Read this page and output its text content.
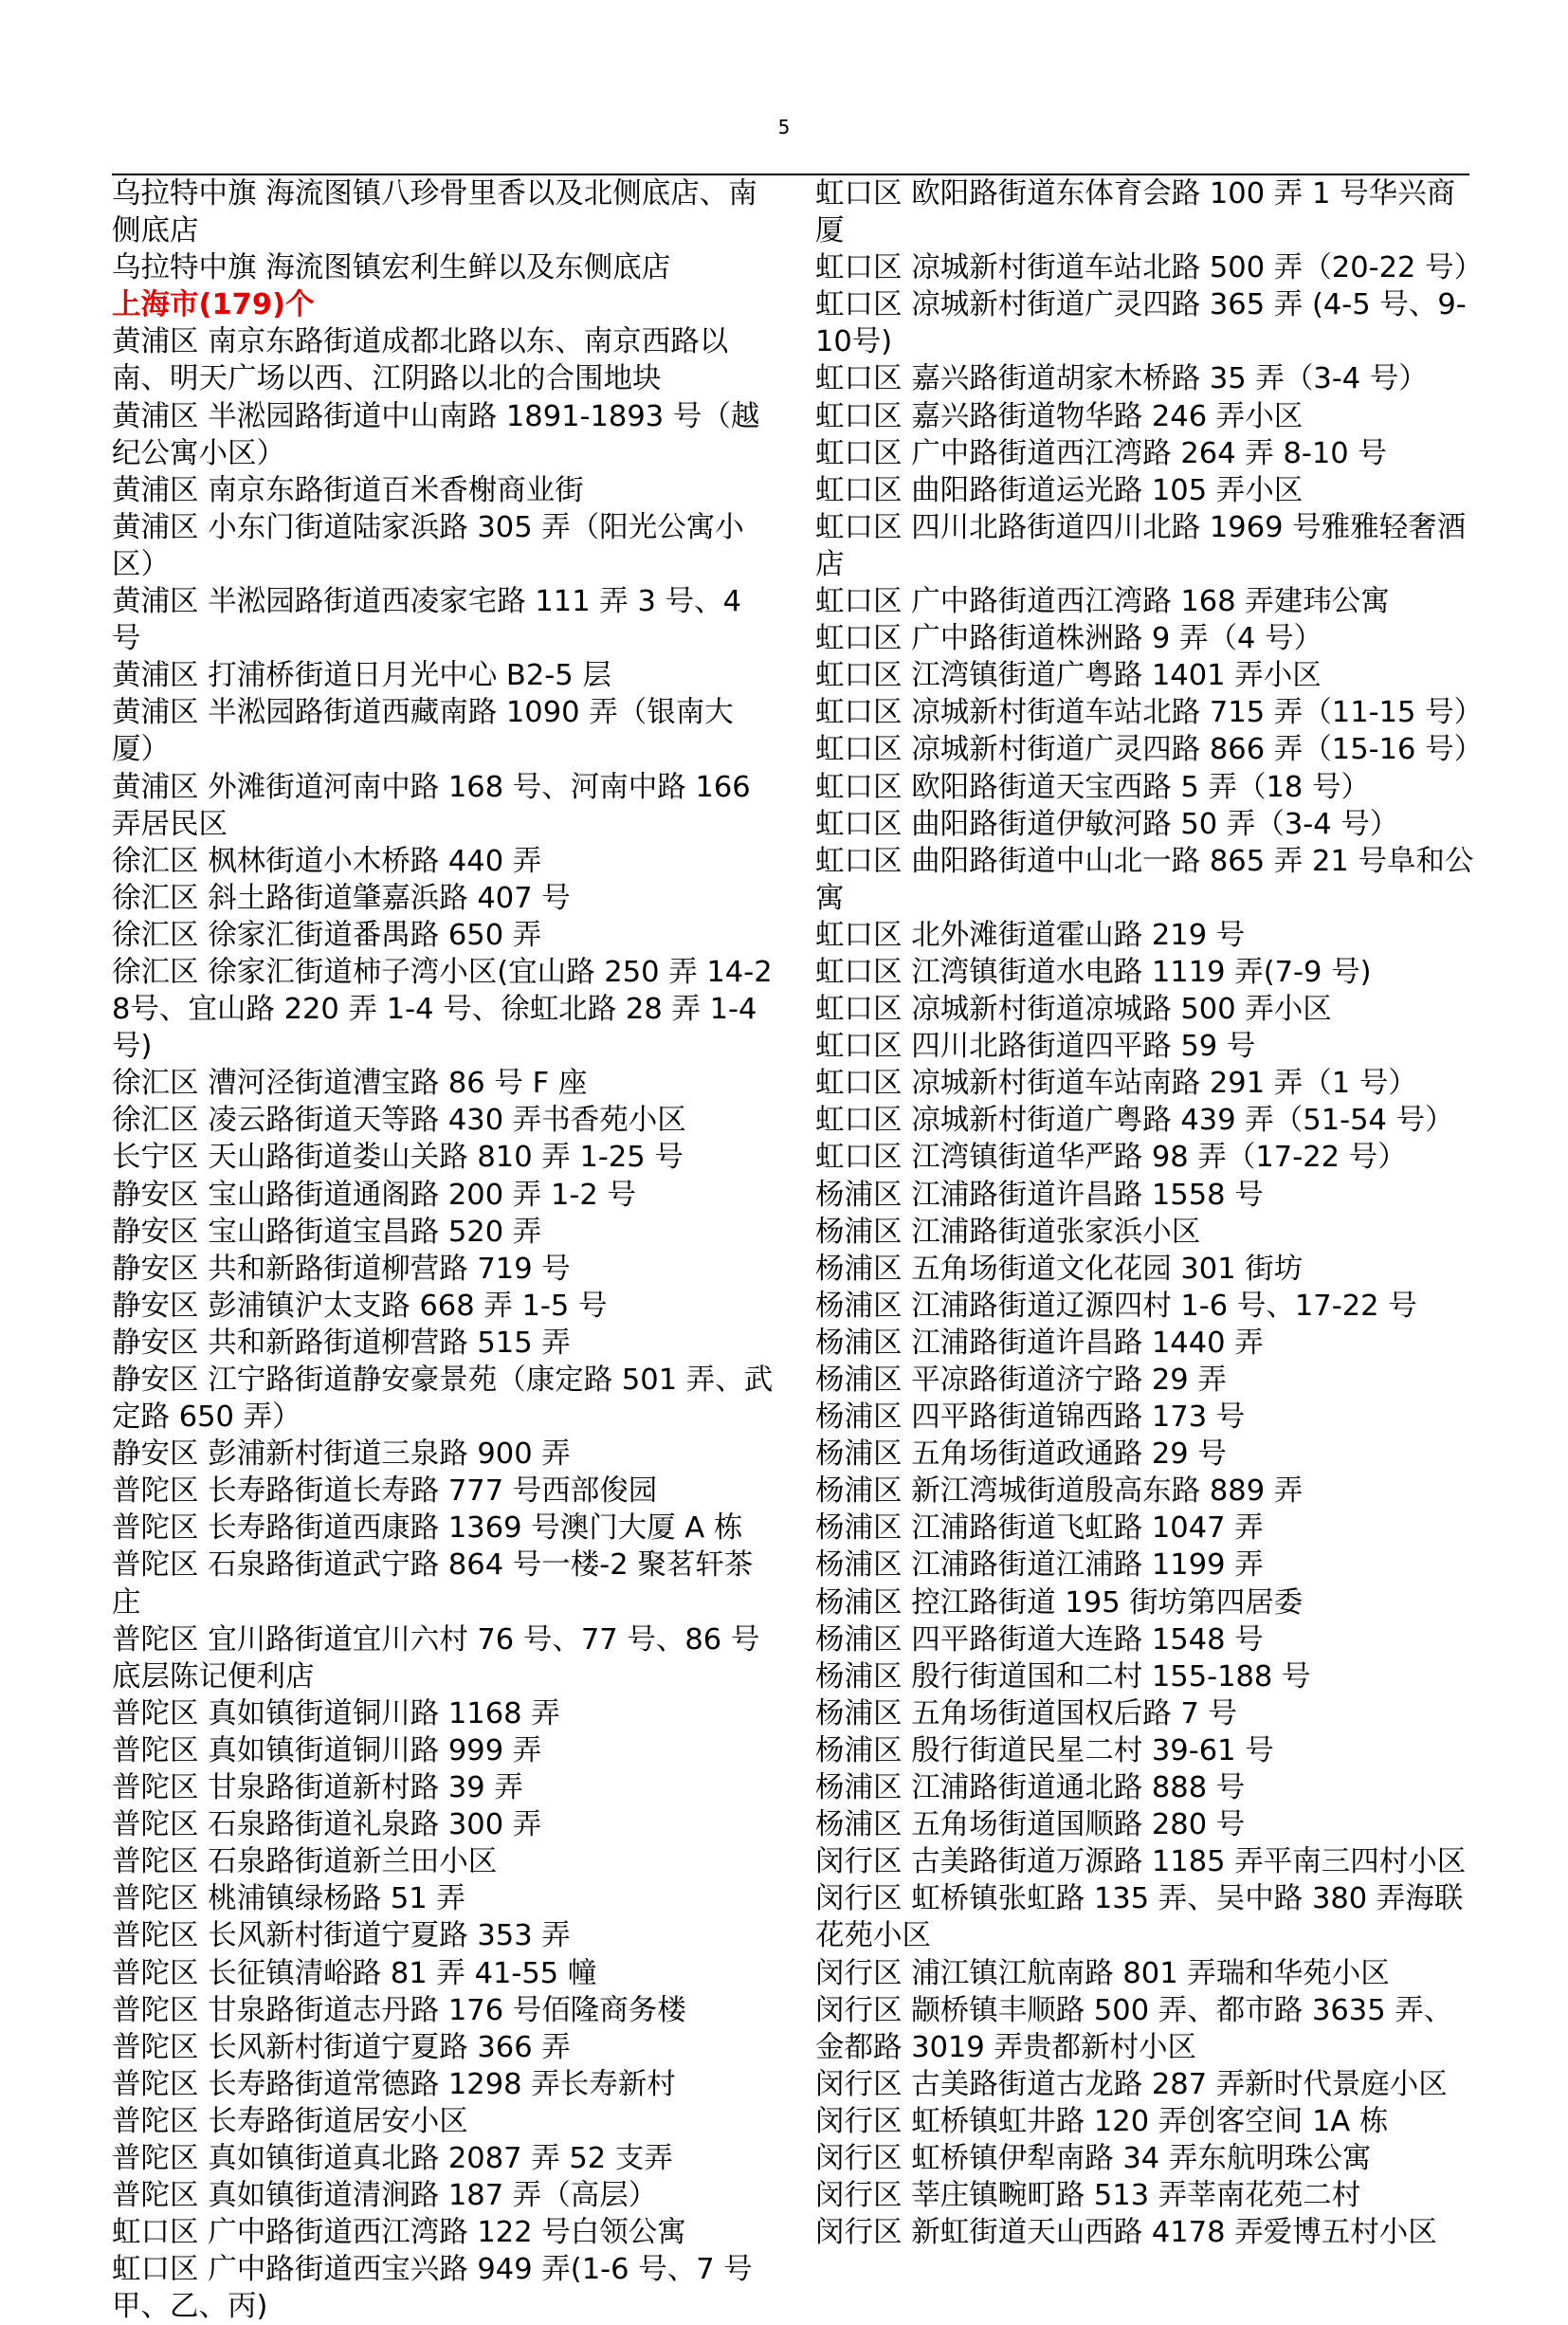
5

乌拉特中旗 海流图镇八珍骨里香以及北侧底店、南侧底店

乌拉特中旗 海流图镇宏利生鲜以及东侧底店

上海市(179)个

黄浦区 南京东路街道成都北路以东、南京西路以南、明天广场以西、江阴路以北的合围地块

黄浦区 半淞园路街道中山南路 1891-1893 号（越纪公寓小区）

黄浦区 南京东路街道百米香榭商业街

黄浦区 小东门街道陆家浜路 305 弄（阳光公寓小区）

黄浦区 半淞园路街道西凌家宅路 111 弄 3 号、4 号

黄浦区 打浦桥街道日月光中心 B2-5 层

黄浦区 半淞园路街道西藏南路 1090 弄（银南大厦）

黄浦区 外滩街道河南中路 168 号、河南中路 166 弄居民区

徐汇区 枫林街道小木桥路 440 弄

徐汇区 斜土路街道肇嘉浜路 407 号

徐汇区 徐家汇街道番禺路 650 弄

徐汇区 徐家汇街道柿子湾小区(宜山路 250 弄 14-28号、宜山路 220 弄 1-4 号、徐虹北路 28 弄 1-4 号)

徐汇区 漕河泾街道漕宝路 86 号 F 座

徐汇区 凌云路街道天等路 430 弄书香苑小区

长宁区 天山路街道娄山关路 810 弄 1-25 号

静安区 宝山路街道通阁路 200 弄 1-2 号

静安区 宝山路街道宝昌路 520 弄

静安区 共和新路街道柳营路 719 号

静安区 彭浦镇沪太支路 668 弄 1-5 号

静安区 共和新路街道柳营路 515 弄

静安区 江宁路街道静安豪景苑（康定路 501 弄、武定路 650 弄）

静安区 彭浦新村街道三泉路 900 弄

普陀区 长寿路街道长寿路 777 号西部俊园

普陀区 长寿路街道西康路 1369 号澳门大厦 A 栋

普陀区 石泉路街道武宁路 864 号一楼-2 聚茗轩茶庄

普陀区 宜川路街道宜川六村 76 号、77 号、86 号底层陈记便利店

普陀区 真如镇街道铜川路 1168 弄

普陀区 真如镇街道铜川路 999 弄

普陀区 甘泉路街道新村路 39 弄

普陀区 石泉路街道礼泉路 300 弄

普陀区 石泉路街道新兰田小区

普陀区 桃浦镇绿杨路 51 弄

普陀区 长风新村街道宁夏路 353 弄

普陀区 长征镇清峪路 81 弄 41-55 幢

普陀区 甘泉路街道志丹路 176 号佰隆商务楼

普陀区 长风新村街道宁夏路 366 弄

普陀区 长寿路街道常德路 1298 弄长寿新村

普陀区 长寿路街道居安小区

普陀区 真如镇街道真北路 2087 弄 52 支弄

普陀区 真如镇街道清涧路 187 弄（高层）

虹口区 广中路街道西江湾路 122 号白领公寓

虹口区 广中路街道西宝兴路 949 弄(1-6 号、7 号甲、乙、丙)

虹口区 欧阳路街道东体育会路 100 弄 1 号华兴商厦

虹口区 凉城新村街道车站北路 500 弄（20-22 号）

虹口区 凉城新村街道广灵四路 365 弄 (4-5 号、9-10号)

虹口区 嘉兴路街道胡家木桥路 35 弄（3-4 号）

虹口区 嘉兴路街道物华路 246 弄小区

虹口区 广中路街道西江湾路 264 弄 8-10 号

虹口区 曲阳路街道运光路 105 弄小区

虹口区 四川北路街道四川北路 1969 号雅雅轻奢酒店

虹口区 广中路街道西江湾路 168 弄建玮公寓

虹口区 广中路街道株洲路 9 弄（4 号）

虹口区 江湾镇街道广粤路 1401 弄小区

虹口区 凉城新村街道车站北路 715 弄（11-15 号）

虹口区 凉城新村街道广灵四路 866 弄（15-16 号）

虹口区 欧阳路街道天宝西路 5 弄（18 号）

虹口区 曲阳路街道伊敏河路 50 弄（3-4 号）

虹口区 曲阳路街道中山北一路 865 弄 21 号阜和公寓

虹口区 北外滩街道霍山路 219 号

虹口区 江湾镇街道水电路 1119 弄(7-9 号)

虹口区 凉城新村街道凉城路 500 弄小区

虹口区 四川北路街道四平路 59 号

虹口区 凉城新村街道车站南路 291 弄（1 号）

虹口区 凉城新村街道广粤路 439 弄（51-54 号）

虹口区 江湾镇街道华严路 98 弄（17-22 号）

杨浦区 江浦路街道许昌路 1558 号

杨浦区 江浦路街道张家浜小区

杨浦区 五角场街道文化花园 301 街坊

杨浦区 江浦路街道辽源四村 1-6 号、17-22 号

杨浦区 江浦路街道许昌路 1440 弄

杨浦区 平凉路街道济宁路 29 弄

杨浦区 四平路街道锦西路 173 号

杨浦区 五角场街道政通路 29 号

杨浦区 新江湾城街道殷高东路 889 弄

杨浦区 江浦路街道飞虹路 1047 弄

杨浦区 江浦路街道江浦路 1199 弄

杨浦区 控江路街道 195 街坊第四居委

杨浦区 四平路街道大连路 1548 号

杨浦区 殷行街道国和二村 155-188 号

杨浦区 五角场街道国权后路 7 号

杨浦区 殷行街道民星二村 39-61 号

杨浦区 江浦路街道通北路 888 号

杨浦区 五角场街道国顺路 280 号

闵行区 古美路街道万源路 1185 弄平南三四村小区

闵行区 虹桥镇张虹路 135 弄、吴中路 380 弄海联花苑小区

闵行区 浦江镇江航南路 801 弄瑞和华苑小区

闵行区 颛桥镇丰顺路 500 弄、都市路 3635 弄、金都路 3019 弄贵都新村小区

闵行区 古美路街道古龙路 287 弄新时代景庭小区

闵行区 虹桥镇虹井路 120 弄创客空间 1A 栋

闵行区 虹桥镇伊犁南路 34 弄东航明珠公寓

闵行区 莘庄镇畹町路 513 弄莘南花苑二村

闵行区 新虹街道天山西路 4178 弄爱博五村小区
